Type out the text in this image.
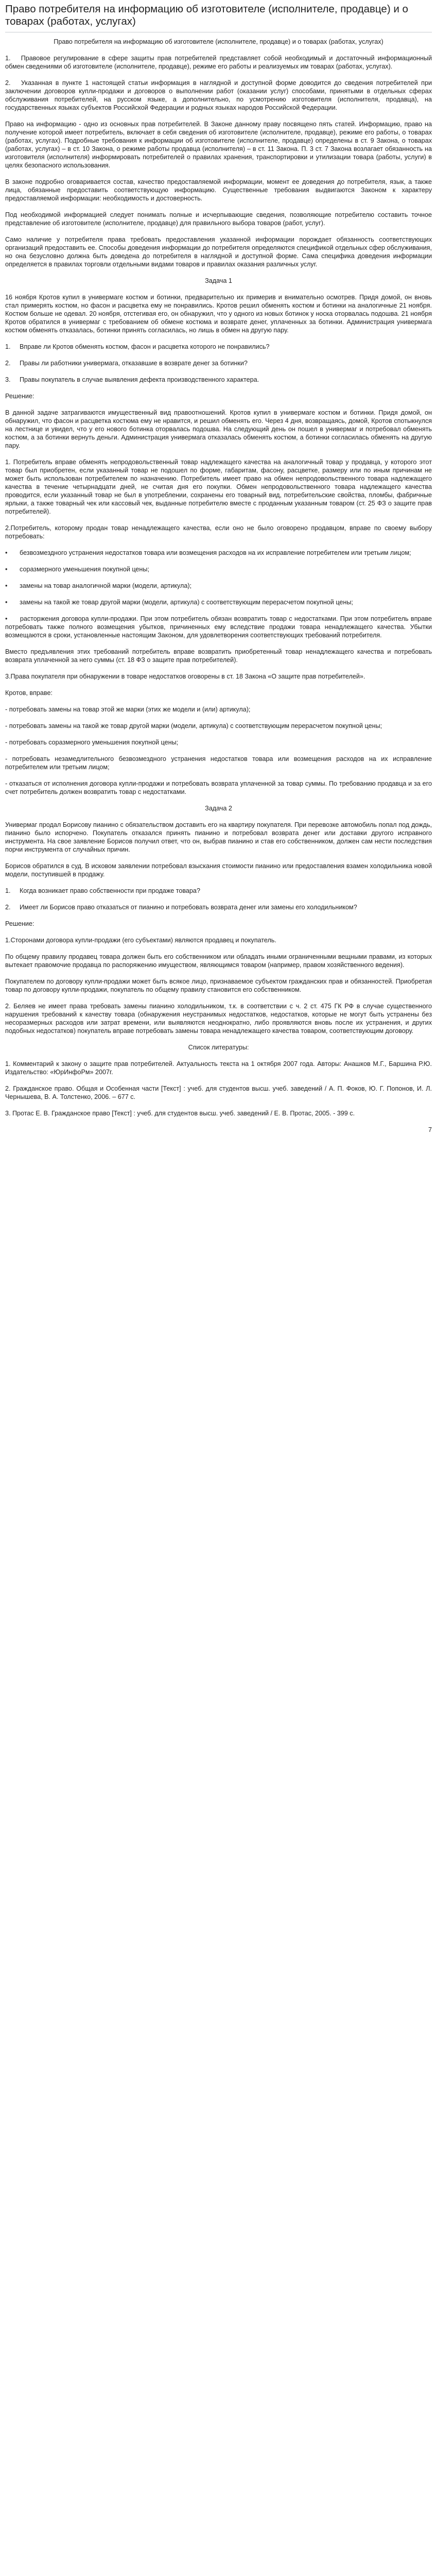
Право потребителя на информацию об изготовителе (исполнителе, продавце) и о товарах (работах, услугах)

Право потребителя на информацию об изготовителе (исполнителе, продавце) и о товарах (работах, услугах)

1.	Правовое регулирование в сфере защиты прав потребителей представляет собой необходимый и достаточный информационный обмен сведениями об изготовителе (исполнителе, продавце), режиме его работы и реализуемых им товарах (работах, услугах).

2.	Указанная в пункте 1 настоящей статьи информация в наглядной и доступной форме доводится до сведения потребителей при заключении договоров купли-продажи и договоров о выполнении работ (оказании услуг) способами, принятыми в отдельных сферах обслуживания потребителей, на русском языке, а дополнительно, по усмотрению изготовителя (исполнителя, продавца), на государственных языках субъектов Российской Федерации и родных языках народов Российской Федерации.

Право на информацию - одно из основных прав потребителей. В Законе данному праву посвящено пять статей. Информацию, право на получение которой имеет потребитель, включает в себя сведения об изготовителе (исполнителе, продавце), режиме его работы, о товарах (работах, услугах). Подробные требования к информации об изготовителе (исполнителе, продавце) определены в ст. 9 Закона, о товарах (работах, услугах) – в ст. 10 Закона, о режиме работы продавца (исполнителя) – в ст. 11 Закона. П. 3 ст. 7 Закона возлагает обязанность на изготовителя (исполнителя) информировать потребителей о правилах хранения, транспортировки и утилизации товара (работы, услуги) в целях безопасного использования.

В законе подробно оговаривается состав, качество предоставляемой информации, момент ее доведения до потребителя, язык, а также лица, обязанные предоставить соответствующую информацию. Существенные требования выдвигаются Законом к характеру предоставляемой информации: необходимость и достоверность.

Под необходимой информацией следует понимать полные и исчерпывающие сведения, позволяющие потребителю составить точное представление об изготовителе (исполнителе, продавце) для правильного выбора товаров (работ, услуг).

Само наличие у потребителя права требовать предоставления указанной информации порождает обязанность соответствующих организаций предоставить ее. Способы доведения информации до потребителя определяются спецификой отдельных сфер обслуживания, но она безусловно должна быть доведена до потребителя в наглядной и доступной форме. Сама специфика доведения информации определяется в правилах торговли отдельными видами товаров и правилах оказания различных услуг.

Задача 1

16 ноября Кротов купил в универмаге костюм и ботинки, предварительно их примерив и внимательно осмотрев. Придя домой, он вновь стал примерять костюм, но фасон и расцветка ему не понравились. Кротов решил обменять костюм и ботинки на аналогичные 21 ноября. Костюм больше не одевал. 20 ноября, отстегивая его, он обнаружил, что у одного из новых ботинок у носка оторвалась подошва. 21 ноября Кротов обратился в универмаг с требованием об обмене костюма и возврате денег, уплаченных за ботинки. Администрация универмага костюм обменять отказалась, ботинки принять согласилась, но лишь в обмен на другую пару.

1.	Вправе ли Кротов обменять костюм, фасон и расцветка которого не понравились?

2.	Правы ли работники универмага, отказавшие в возврате денег за ботинки?

3.	Правы покупатель в случае выявления дефекта производственного характера.

Решение:

В данной задаче затрагиваются имущественный вид правоотношений. Кротов купил в универмаге костюм и ботинки. Придя домой, он обнаружил, что фасон и расцветка костюма ему не нравится, и решил обменять его. Через 4 дня, возвращаясь, домой, Кротов спотыкнулся на лестнице и увидел, что у его нового ботинка оторвалась подошва. На следующий день он пошел в универмаг и потребовал обменять костюм, а за ботинки вернуть деньги. Администрация универмага отказалась обменять костюм, а ботинки согласилась обменять на другую пару.

1. Потребитель вправе обменять непродовольственный товар надлежащего качества на аналогичный товар у продавца, у которого этот товар был приобретен, если указанный товар не подошел по форме, габаритам, фасону, расцветке, размеру или по иным причинам не может быть использован потребителем по назначению. Потребитель имеет право на обмен непродовольственного товара надлежащего качества в течение четырнадцати дней, не считая дня его покупки. Обмен непродовольственного товара надлежащего качества проводится, если указанный товар не был в употреблении, сохранены его товарный вид, потребительские свойства, пломбы, фабричные ярлыки, а также товарный чек или кассовый чек, выданные потребителю вместе с проданным указанным товаром (ст. 25 ФЗ о защите прав потребителей).

2.Потребитель, которому продан товар ненадлежащего качества, если оно не было оговорено продавцом, вправе по своему выбору потребовать:

•	безвозмездного устранения недостатков товара или возмещения расходов на их исправление потребителем или третьим лицом;

•	соразмерного уменьшения покупной цены;

•	замены на товар аналогичной марки (модели, артикула);

•	замены на такой же товар другой марки (модели, артикула) с соответствующим перерасчетом покупной цены;

•	расторжения договора купли-продажи. При этом потребитель обязан возвратить товар с недостатками. При этом потребитель вправе потребовать также полного возмещения убытков, причиненных ему вследствие продажи товара ненадлежащего качества. Убытки возмещаются в сроки, установленные настоящим Законом, для удовлетворения соответствующих требований потребителя.

Вместо предъявления этих требований потребитель вправе возвратить приобретенный товар ненадлежащего качества и потребовать возврата уплаченной за него суммы (ст. 18 ФЗ о защите прав потребителей).

3.Права покупателя при обнаружении в товаре недостатков оговорены в ст. 18 Закона «О защите прав потребителей».

Кротов, вправе:

- потребовать замены на товар этой же марки (этих же модели и (или) артикула);

- потребовать замены на такой же товар другой марки (модели, артикула) с соответствующим перерасчетом покупной цены;

- потребовать соразмерного уменьшения покупной цены;

- потребовать незамедлительного безвозмездного устранения недостатков товара или возмещения расходов на их исправление потребителем или третьим лицом;

- отказаться от исполнения договора купли-продажи и потребовать возврата уплаченной за товар суммы. По требованию продавца и за его счет потребитель должен возвратить товар с недостатками.

Задача 2

Универмаг продал Борисову пианино с обязательством доставить его на квартиру покупателя. При перевозке автомобиль попал под дождь, пианино было испорчено. Покупатель отказался принять пианино и потребовал возврата денег или доставки другого исправного инструмента. На свое заявление Борисов получил ответ, что он, выбрав пианино и став его собственником, должен сам нести последствия порчи инструмента от случайных причин.

Борисов обратился в суд. В исковом заявлении потребовал взыскания стоимости пианино или предоставления взамен холодильника новой модели, поступившей в продажу.

1.	Когда возникает право собственности при продаже товара?

2.	Имеет ли Борисов право отказаться от пианино и потребовать возврата денег или замены его холодильником?

Решение:

1.Сторонами договора купли-продажи (его субъектами) являются продавец и покупатель.

По общему правилу продавец товара должен быть его собственником или обладать иными ограниченными вещными правами, из которых вытекает правомочие продавца по распоряжению имуществом, являющимся товаром (например, правом хозяйственного ведения).

Покупателем по договору купли-продажи может быть всякое лицо, признаваемое субъектом гражданских прав и обязанностей. Приобретая товар по договору купли-продажи, покупатель по общему правилу становится его собственником.

2. Беляев не имеет права требовать замены пианино холодильником, т.к. в соответствии с ч. 2 ст. 475 ГК РФ в случае существенного нарушения требований к качеству товара (обнаружения неустранимых недостатков, недостатков, которые не могут быть устранены без несоразмерных расходов или затрат времени, или выявляются неоднократно, либо проявляются вновь после их устранения, и других подобных недостатков) покупатель вправе потребовать замены товара ненадлежащего качества товаром, соответствующим договору.

Список литературы:

1. Комментарий к закону о защите прав потребителей. Актуальность текста на 1 октября 2007 года. Авторы: Анашков М.Г., Баршина Р.Ю. Издательство: «ЮрИнфоРм» 2007г.

2. Гражданское право. Общая и Особенная части [Текст] : учеб. для студентов высш. учеб. заведений / А. П. Фоков, Ю. Г. Попонов, И. Л. Чернышева, В. А. Толстенко, 2006. – 677 с.

3. Протас Е. В. Гражданское право [Текст] : учеб. для студентов высш. учеб. заведений / Е. В. Протас, 2005. - 399 с.

7
